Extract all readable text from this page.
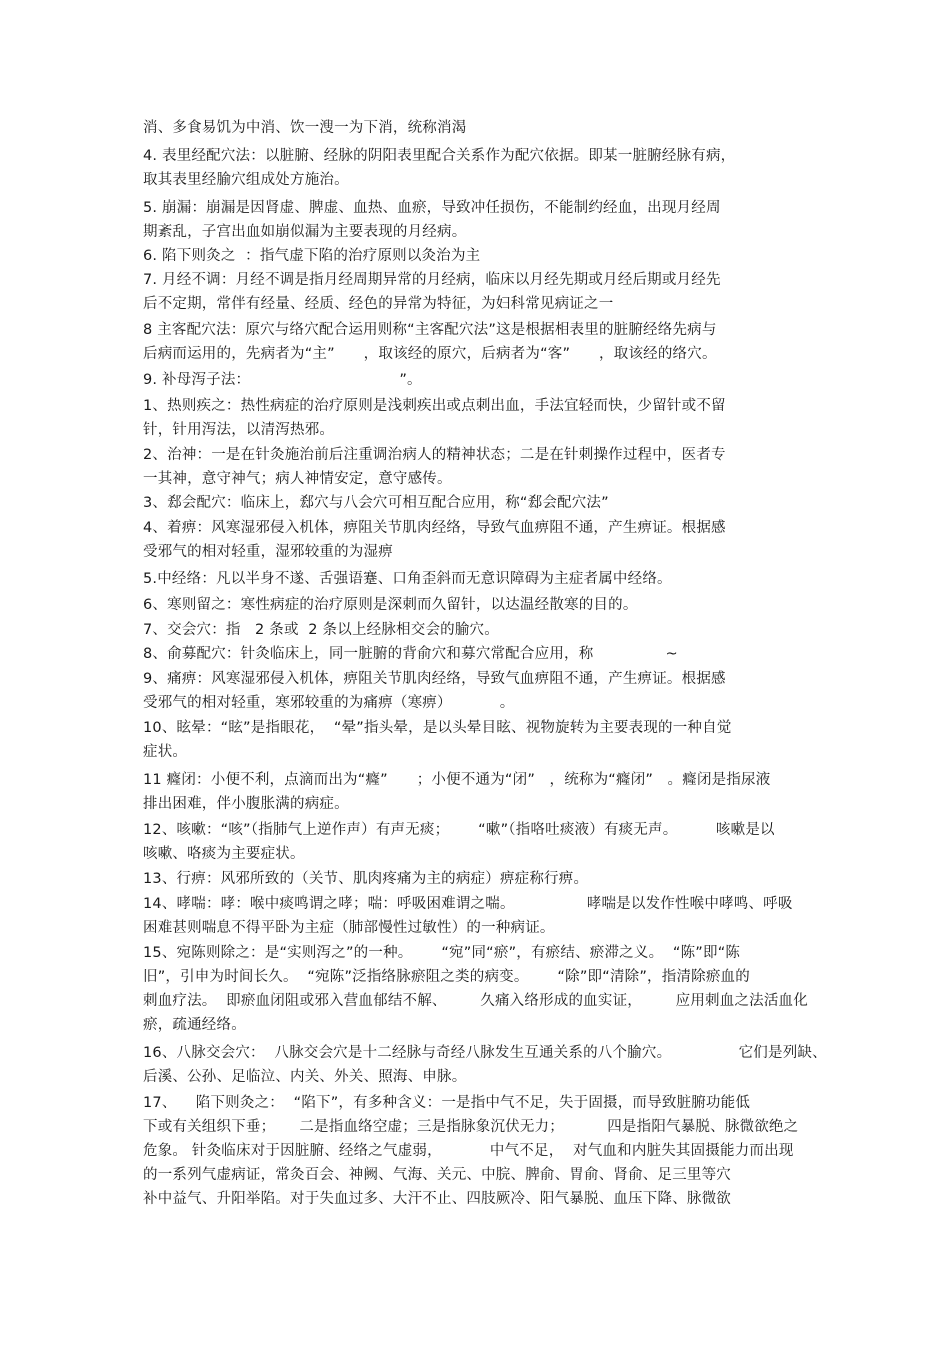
消、多食易饥为中消、饮一溲一为下消，统称消渴
4. 表里经配穴法：以脏腑、经脉的阴阳表里配合关系作为配穴依据。即某一脏腑经脉有病，
取其表里经腧穴组成处方施治。
5. 崩漏：崩漏是因肾虚、脾虚、血热、血瘀，导致冲任损伤，不能制约经血，出现月经周
期紊乱，子宫出血如崩似漏为主要表现的月经病。
6. 陷下则灸之  ：指气虚下陷的治疗原则以灸治为主
7. 月经不调：月经不调是指月经周期异常的月经病，临床以月经先期或月经后期或月经先
后不定期，常伴有经量、经质、经色的异常为特征，为妇科常见病证之一
8 主客配穴法：原穴与络穴配合运用则称“主客配穴法”这是根据相表里的脏腑经络先病与
后病而运用的，先病者为“主”      ，取该经的原穴，后病者为“客”      ，取该经的络穴。
9. 补母泻子法：                               ”。
1、热则疾之：热性病症的治疗原则是浅刺疾出或点刺出血，手法宜轻而快，少留针或不留
针，针用泻法，以清泻热邪。
2、治神：一是在针灸施治前后注重调治病人的精神状态；二是在针刺操作过程中，医者专
一其神，意守神气；病人神情安定，意守感传。
3、郄会配穴：临床上，郄穴与八会穴可相互配合应用，称“郄会配穴法”
4、着痹：风寒湿邪侵入机体，痹阻关节肌肉经络，导致气血痹阻不通，产生痹证。根据感
受邪气的相对轻重，湿邪较重的为湿痹
5.中经络：凡以半身不遂、舌强语蹇、口角歪斜而无意识障碍为主症者属中经络。
6、寒则留之：寒性病症的治疗原则是深刺而久留针，以达温经散寒的目的。
7、交会穴：指   2 条或  2 条以上经脉相交会的腧穴。
8、俞募配穴：针灸临床上，同一脏腑的背俞穴和募穴常配合应用，称               ~
9、痛痹：风寒湿邪侵入机体，痹阻关节肌肉经络，导致气血痹阻不通，产生痹证。根据感
受邪气的相对轻重，寒邪较重的为痛痹（寒痹）          。
10、眩晕：“眩”是指眼花，  “晕”指头晕，是以头晕目眩、视物旋转为主要表现的一种自觉
症状。
11 癃闭：小便不利，点滴而出为“癃”      ；小便不通为“闭”   ，统称为“癃闭”   。癃闭是指尿液
排出困难，伴小腹胀满的病症。
12、咳嗽：“咳”（指肺气上逆作声）有声无痰；      “嗽”（指咯吐痰液）有痰无声。        咳嗽是以
咳嗽、咯痰为主要症状。
13、行痹：风邪所致的（关节、肌肉疼痛为主的病症）痹症称行痹。
14、哮喘：哮：喉中痰鸣谓之哮；喘：呼吸困难谓之喘。               哮喘是以发作性喉中哮鸣、呼吸
困难甚则喘息不得平卧为主症（肺部慢性过敏性）的一种病证。
15、宛陈则除之：是“实则泻之”的一种。      “宛”同“瘀”，有瘀结、瘀滞之义。  “陈”即“陈
旧”，引申为时间长久。  “宛陈”泛指络脉瘀阻之类的病变。      “除”即“清除”，指清除瘀血的
刺血疗法。  即瘀血闭阻或邪入营血郁结不解、       久痛入络形成的血实证，       应用刺血之法活血化
瘀，疏通经络。
16、八脉交会穴：  八脉交会穴是十二经脉与奇经八脉发生互通关系的八个腧穴。              它们是列缺、
后溪、公孙、足临泣、内关、外关、照海、申脉。
17、    陷下则灸之：  “陷下”，有多种含义：一是指中气不足，失于固摄，而导致脏腑功能低
下或有关组织下垂；     二是指血络空虚；三是指脉象沉伏无力；         四是指阳气暴脱、脉微欲绝之
危象。 针灸临床对于因脏腑、经络之气虚弱，          中气不足，  对气血和内脏失其固摄能力而出现
的一系列气虚病证，常灸百会、神阙、气海、关元、中脘、脾俞、胃俞、肾俞、足三里等穴
补中益气、升阳举陷。对于失血过多、大汗不止、四肢厥冷、阳气暴脱、血压下降、脉微欲
